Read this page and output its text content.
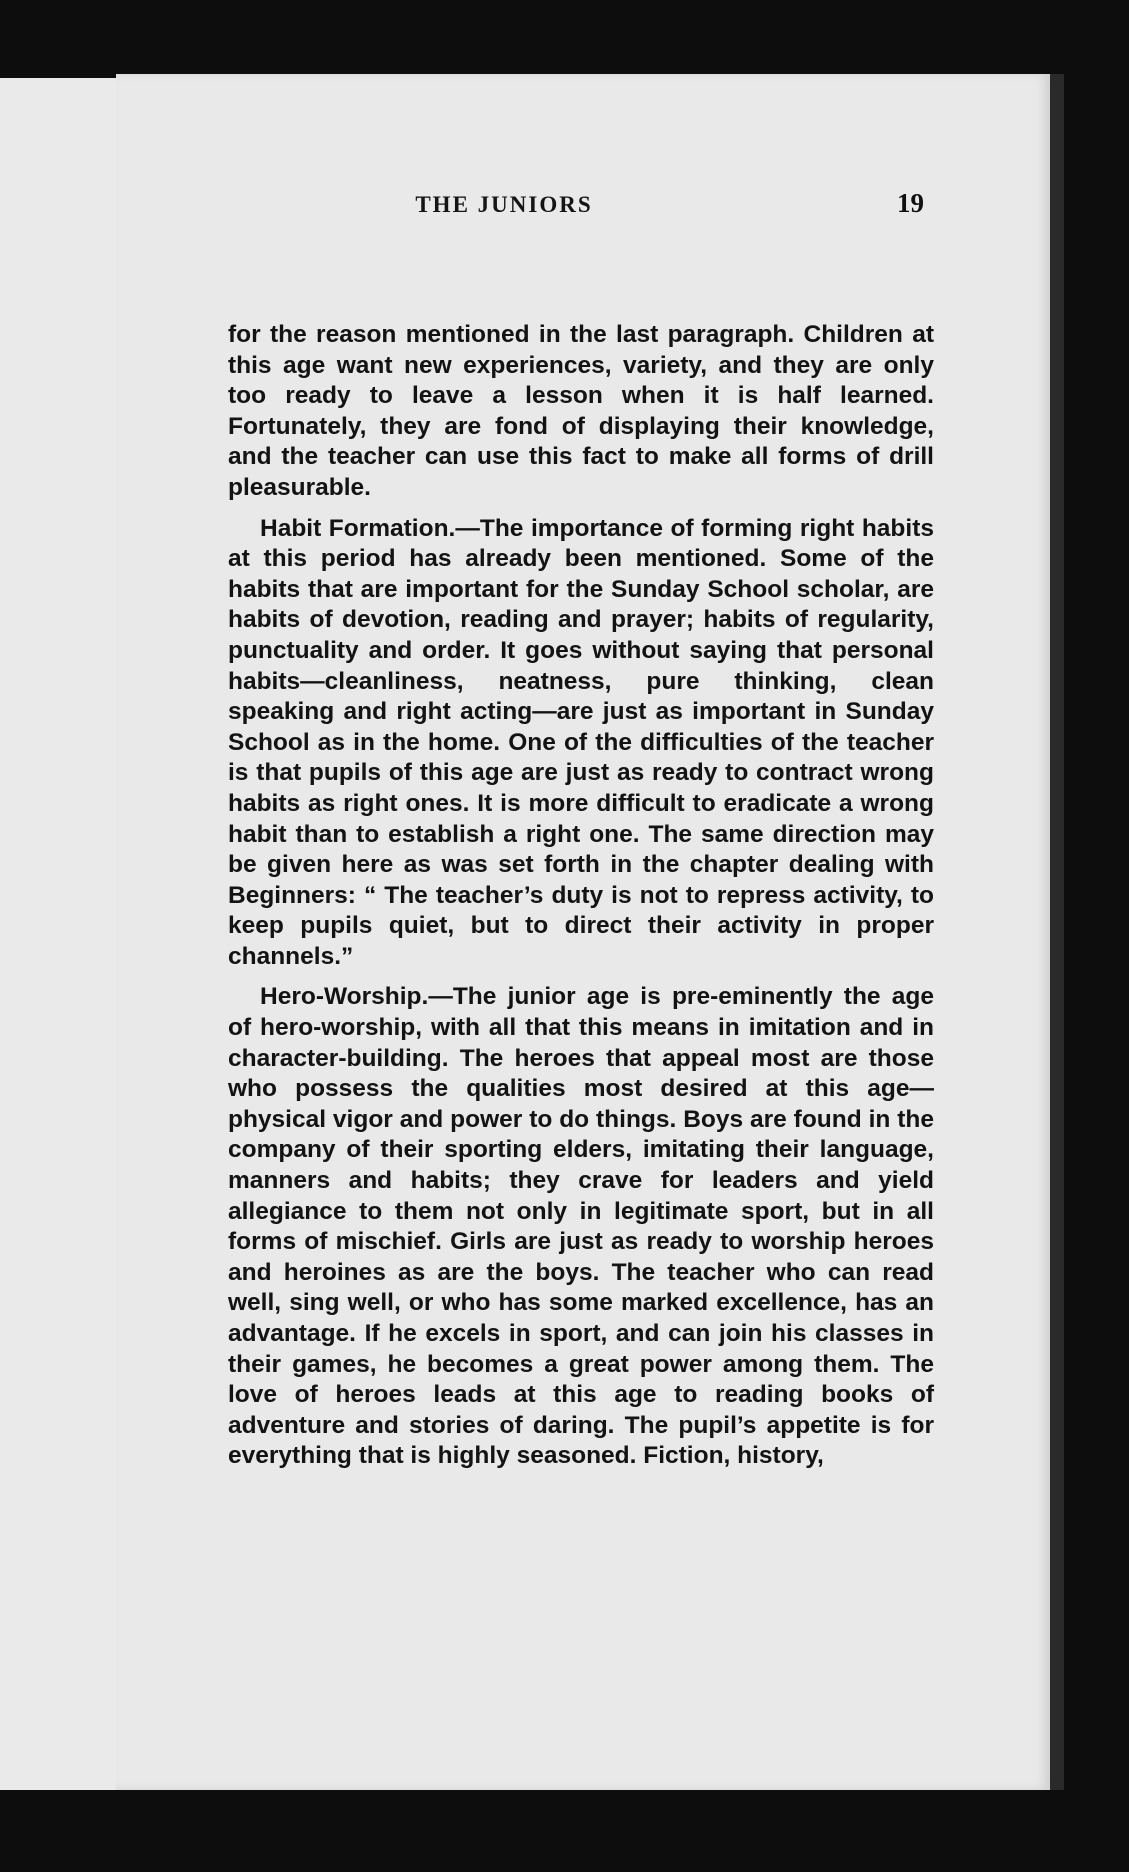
THE JUNIORS	19

for the reason mentioned in the last paragraph. Children at this age want new experiences, variety, and they are only too ready to leave a lesson when it is half learned. Fortunately, they are fond of displaying their knowledge, and the teacher can use this fact to make all forms of drill pleasurable.

Habit Formation.—The importance of forming right habits at this period has already been mentioned. Some of the habits that are important for the Sunday School scholar, are habits of devotion, reading and prayer; habits of regularity, punctuality and order. It goes without saying that personal habits—cleanliness, neatness, pure thinking, clean speaking and right acting—are just as important in Sunday School as in the home. One of the difficulties of the teacher is that pupils of this age are just as ready to contract wrong habits as right ones. It is more difficult to eradicate a wrong habit than to establish a right one. The same direction may be given here as was set forth in the chapter dealing with Beginners: “ The teacher’s duty is not to repress activity, to keep pupils quiet, but to direct their activity in proper channels.”

Hero-Worship.—The junior age is pre-eminently the age of hero-worship, with all that this means in imitation and in character-building. The heroes that appeal most are those who possess the qualities most desired at this age—physical vigor and power to do things. Boys are found in the company of their sporting elders, imitating their language, manners and habits; they crave for leaders and yield allegiance to them not only in legitimate sport, but in all forms of mischief. Girls are just as ready to worship heroes and heroines as are the boys. The teacher who can read well, sing well, or who has some marked excellence, has an advantage. If he excels in sport, and can join his classes in their games, he becomes a great power among them. The love of heroes leads at this age to reading books of adventure and stories of daring. The pupil’s appetite is for everything that is highly seasoned. Fiction, history,
